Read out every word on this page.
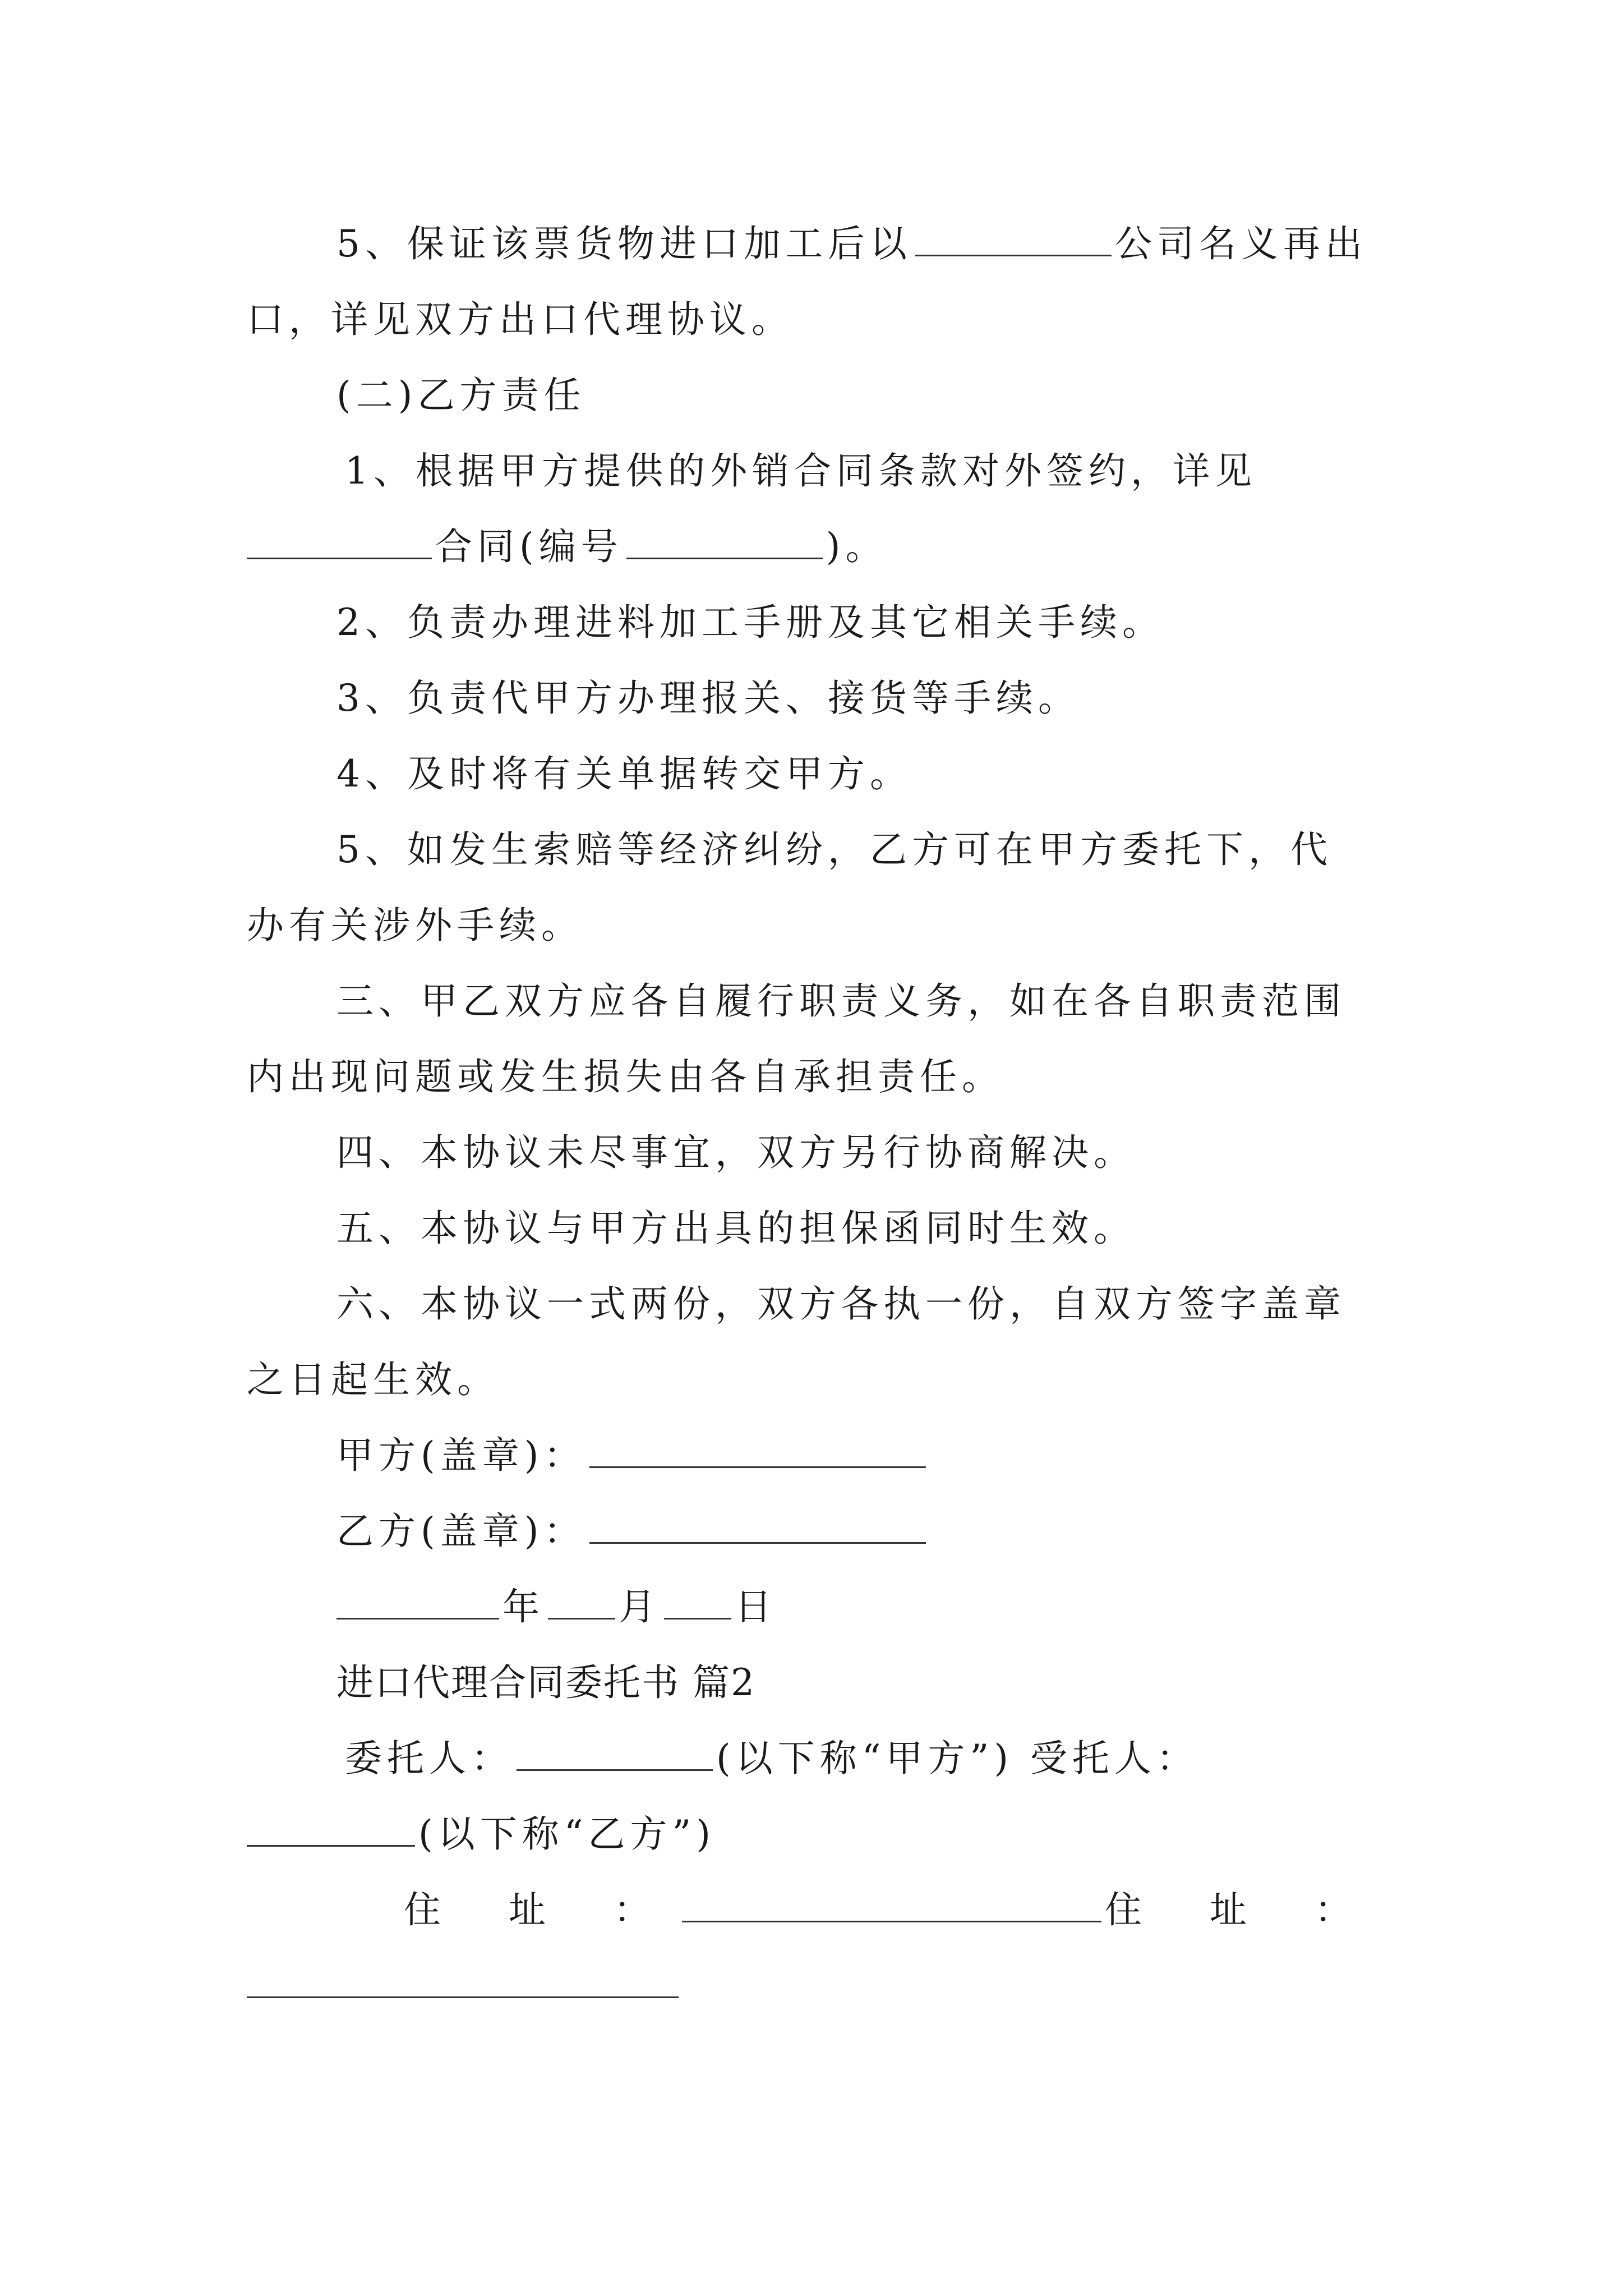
5、保证该票货物进口加工后以	公司名义再出
口，详见双方出口代理协议。
(二)乙方责任
1、根据甲方提供的外销合同条款对外签约，详见
合同(编号	)。
2、负责办理进料加工手册及其它相关手续。
3、负责代甲方办理报关、接货等手续。
4、及时将有关单据转交甲方。
5、如发生索赔等经济纠纷，乙方可在甲方委托下，代
办有关涉外手续。
三、甲乙双方应各自履行职责义务，如在各自职责范围
内出现问题或发生损失由各自承担责任。
四、本协议未尽事宜，双方另行协商解决。
五、本协议与甲方出具的担保函同时生效。
六、本协议一式两份，双方各执一份，自双方签字盖章
之日起生效。
甲方(盖章)：
乙方(盖章)：
年 月 日
进口代理合同委托书 篇2
委托人：	(以下称“甲方”) 受托人：
(以下称“乙方”)
住 址 ：	住 址 ：
